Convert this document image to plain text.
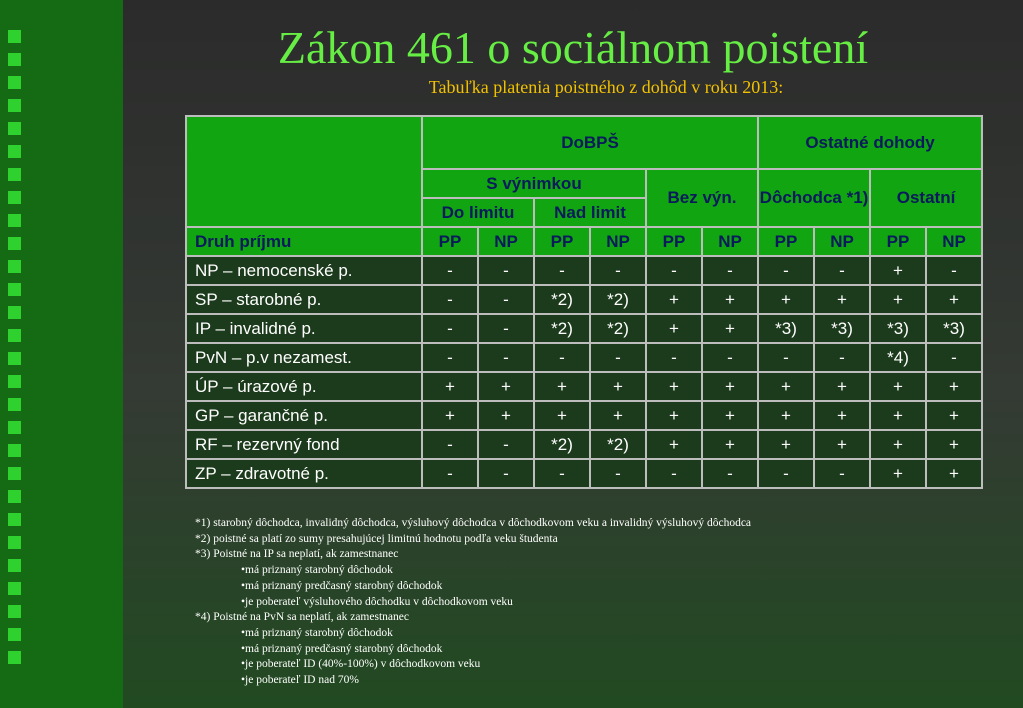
Zákon 461 o sociálnom poistení
Tabuľka platenia poistného z dohôd v roku 2013:
	DoBPŠ						Ostatné dohody			
	S výnimkou				Bez výn.		Dôchodca *1)		Ostatní	
	Do limitu		Nad limit							
Druh príjmu	PP	NP	PP	NP	PP	NP	PP	NP	PP	NP
NP – nemocenské p.	-	-	-	-	-	-	-	-	+	-
SP – starobné p.	-	-	*2)	*2)	+	+	+	+	+	+
IP – invalidné p.	-	-	*2)	*2)	+	+	*3)	*3)	*3)	*3)
PvN – p.v nezamest.	-	-	-	-	-	-	-	-	*4)	-
ÚP – úrazové p.	+	+	+	+	+	+	+	+	+	+
GP – garančné p.	+	+	+	+	+	+	+	+	+	+
RF – rezervný fond	-	-	*2)	*2)	+	+	+	+	+	+
ZP – zdravotné p.	-	-	-	-	-	-	-	-	+	+
*1) starobný dôchodca, invalidný dôchodca, výsluhový dôchodca v dôchodkovom veku a invalidný výsluhový dôchodca
*2) poistné sa platí zo sumy presahujúcej limitnú hodnotu podľa veku študenta
*3) Poistné na IP sa neplatí, ak zamestnanec
•má priznaný starobný dôchodok
•má priznaný predčasný starobný dôchodok
•je poberateľ výsluhového dôchodku v dôchodkovom veku
*4) Poistné na PvN sa neplatí, ak zamestnanec
•má priznaný starobný dôchodok
•má priznaný predčasný starobný dôchodok
•je poberateľ ID (40%-100%) v dôchodkovom veku
•je poberateľ ID nad 70%
